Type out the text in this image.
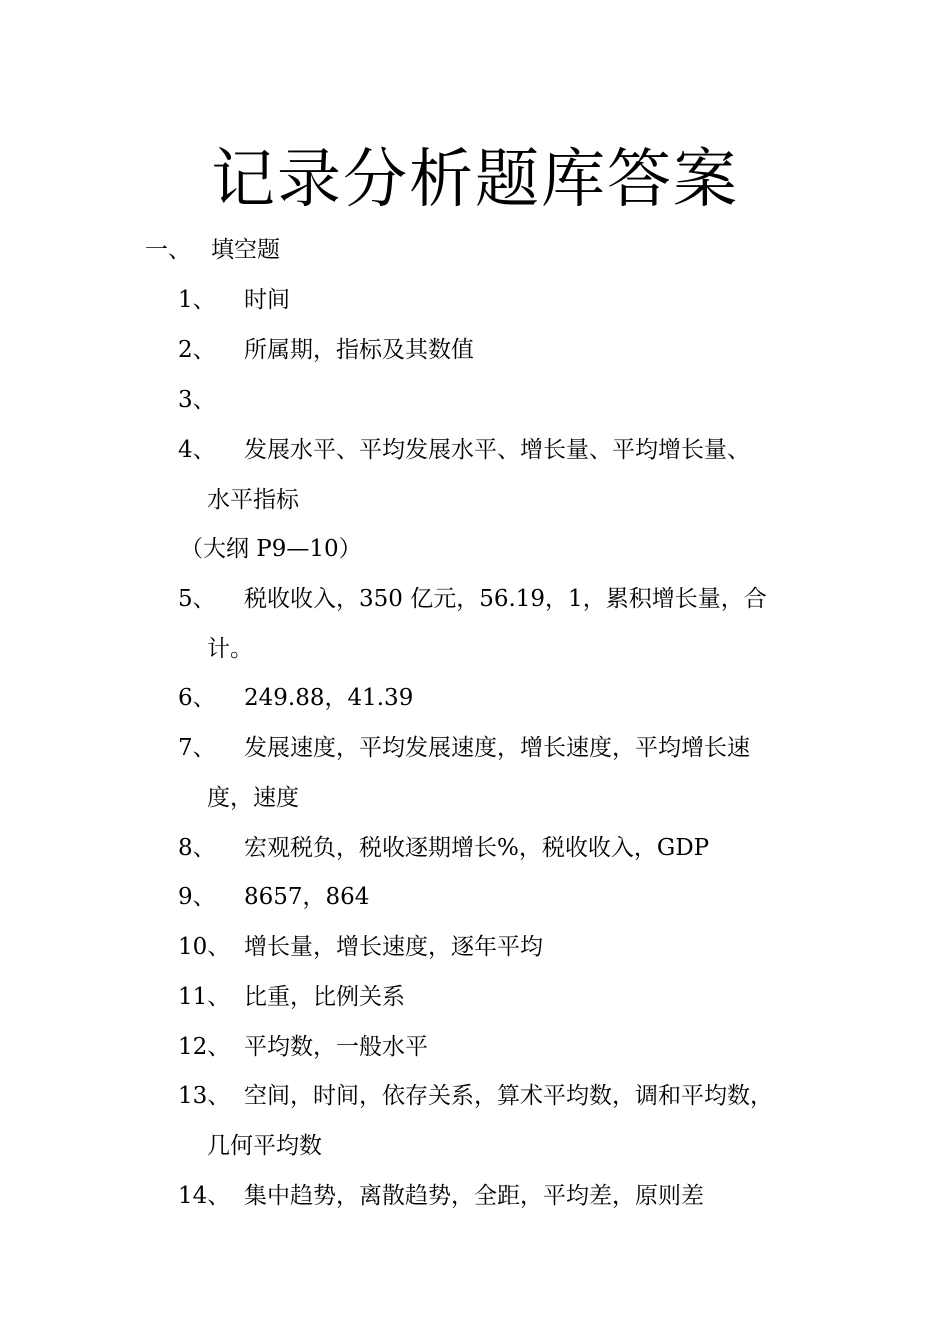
记录分析题库答案
一、 填空题
1、 时间
2、 所属期，指标及其数值
3、
4、 发展水平、平均发展水平、增长量、平均增长量、
水平指标
（大纲 P9—10）
5、 税收收入，350 亿元，56.19，1，累积增长量，合
计。
6、 249.88，41.39
7、 发展速度，平均发展速度，增长速度，平均增长速
度，速度
8、 宏观税负，税收逐期增长%，税收收入，GDP
9、 8657，864
10、 增长量，增长速度，逐年平均
11、 比重，比例关系
12、 平均数，一般水平
13、 空间，时间，依存关系，算术平均数，调和平均数，
几何平均数
14、 集中趋势，离散趋势，全距，平均差，原则差
